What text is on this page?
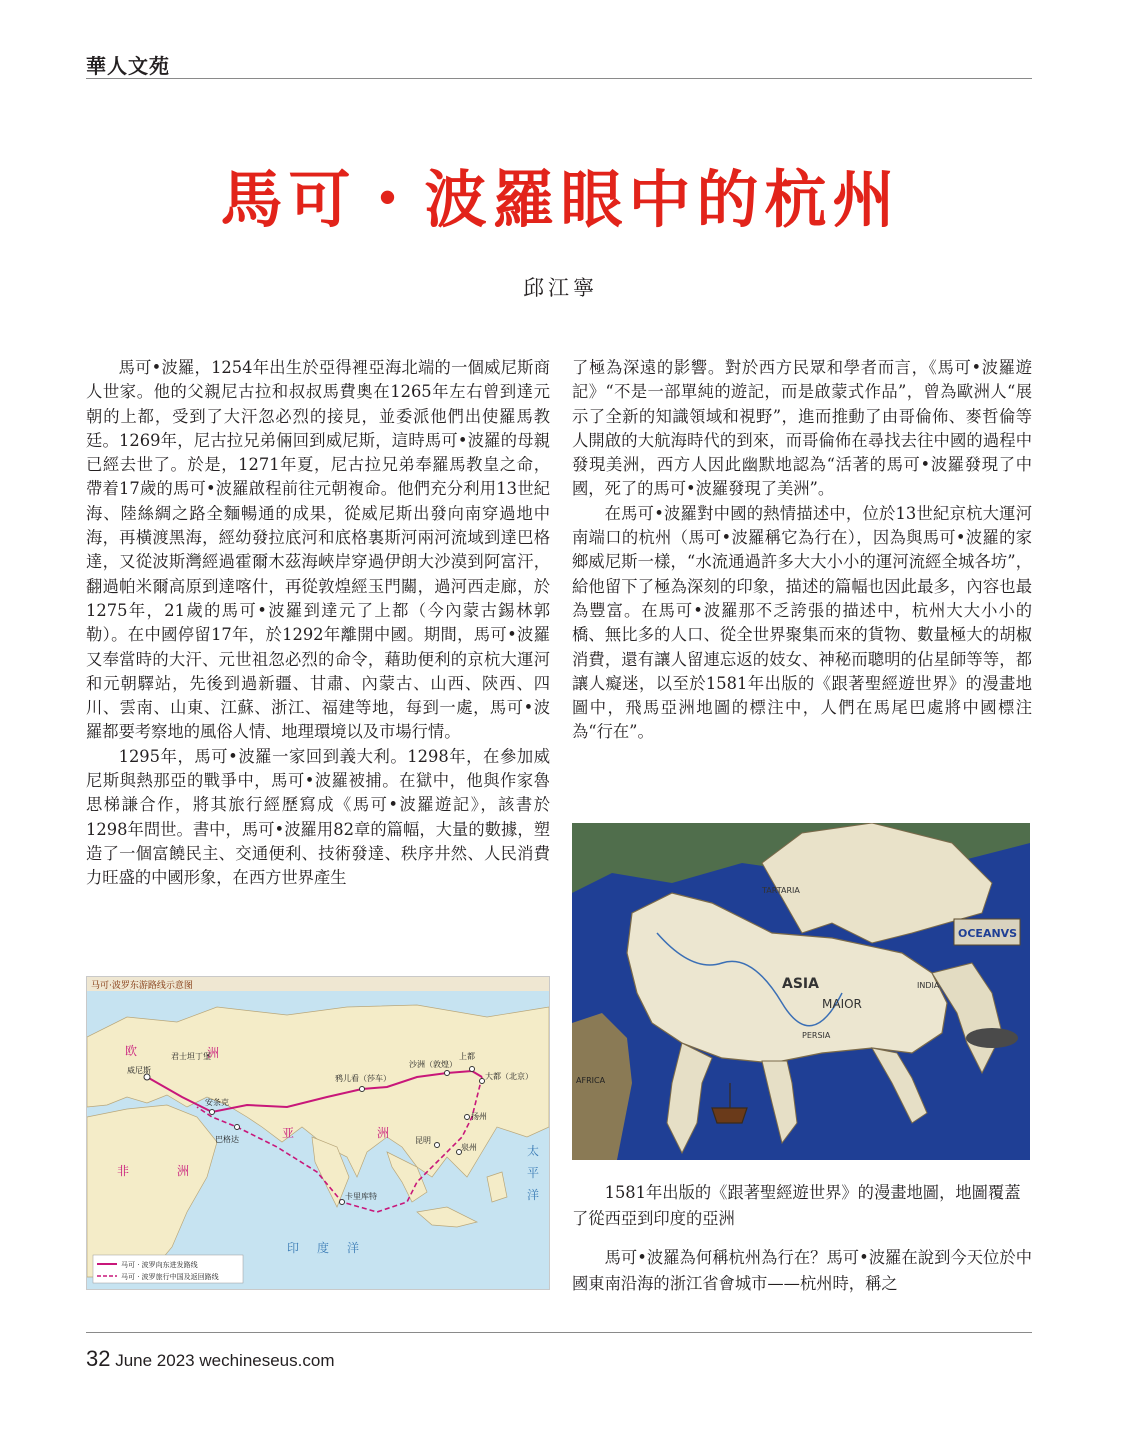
華人文苑
馬可・波羅眼中的杭州
邱江寧

馬可•波羅，1254年出生於亞得裡亞海北端的一個威尼斯商人世家。他的父親尼古拉和叔叔馬費奧在1265年左右曾到達元朝的上都，受到了大汗忽必烈的接見，並委派他們出使羅馬教廷。1269年，尼古拉兄弟倆回到威尼斯，這時馬可•波羅的母親已經去世了。於是，1271年夏，尼古拉兄弟奉羅馬教皇之命，帶着17歲的馬可•波羅啟程前往元朝複命。他們充分利用13世紀海、陸絲綢之路全麵暢通的成果，從威尼斯出發向南穿過地中海，再橫渡黑海，經幼發拉底河和底格裏斯河兩河流域到達巴格達，又從波斯灣經過霍爾木茲海峽岸穿過伊朗大沙漠到阿富汗，翻過帕米爾高原到達喀什，再從敦煌經玉門關，過河西走廊，於1275年，21歲的馬可•波羅到達元了上都（今內蒙古錫林郭勒）。在中國停留17年，於1292年離開中國。期間，馬可•波羅又奉當時的大汗、元世祖忽必烈的命令，藉助便利的京杭大運河和元朝驛站，先後到過新疆、甘肅、內蒙古、山西、陝西、四川、雲南、山東、江蘇、浙江、福建等地，每到一處，馬可•波羅都要考察地的風俗人情、地理環境以及市場行情。

1295年，馬可•波羅一家回到義大利。1298年，在參加威尼斯與熱那亞的戰爭中，馬可•波羅被捕。在獄中，他與作家魯思梯謙合作，將其旅行經歷寫成《馬可•波羅遊記》，該書於1298年問世。書中，馬可•波羅用82章的篇幅，大量的數據，塑造了一個富饒民主、交通便利、技術發達、秩序井然、人民消費力旺盛的中國形象，在西方世界產生

了極為深遠的影響。對於西方民眾和學者而言，《馬可•波羅遊記》“不是一部單純的遊記，而是啟蒙式作品”，曾為歐洲人“展示了全新的知識領域和視野”，進而推動了由哥倫佈、麥哲倫等人開啟的大航海時代的到來，而哥倫佈在尋找去往中國的過程中發現美洲，西方人因此幽默地認為“活著的馬可•波羅發現了中國，死了的馬可•波羅發現了美洲”。

在馬可•波羅對中國的熱情描述中，位於13世紀京杭大運河南端口的杭州（馬可•波羅稱它為行在），因為與馬可•波羅的家鄉威尼斯一樣，“水流通過許多大大小小的運河流經全城各坊”，給他留下了極為深刻的印象，描述的篇幅也因此最多，內容也最為豐富。在馬可•波羅那不乏誇張的描述中，杭州大大小小的橋、無比多的人口、從全世界聚集而來的貨物、數量極大的胡椒消費，還有讓人留連忘返的妓女、神秘而聰明的佔星師等等，都讓人癡迷，以至於1581年出版的《跟著聖經遊世界》的漫畫地圖中，飛馬亞洲地圖的標注中，人們在馬尾巴處將中國標注為“行在”。

马可·波罗东游路线示意图
欧	洲
亚	洲
非	洲
印 度 洋
太
平
洋
威尼斯
君士坦丁堡
安条克
巴格达
鸦儿看（莎车）
沙洲（敦煌）
上都
大都（北京）
扬州
昆明
泉州
卡里库特
马可 · 波罗向东进发路线
马可 · 波罗旅行中国及返回路线
OCEANVS
ASIA
MAIOR
INDIA
AFRICA
PERSIA
TARTARIA
1581年出版的《跟著聖經遊世界》的漫畫地圖，地圖覆蓋了從西亞到印度的亞洲

馬可•波羅為何稱杭州為行在？馬可•波羅在說到今天位於中國東南沿海的浙江省會城市——杭州時，稱之

32 June 2023 wechineseus.com
